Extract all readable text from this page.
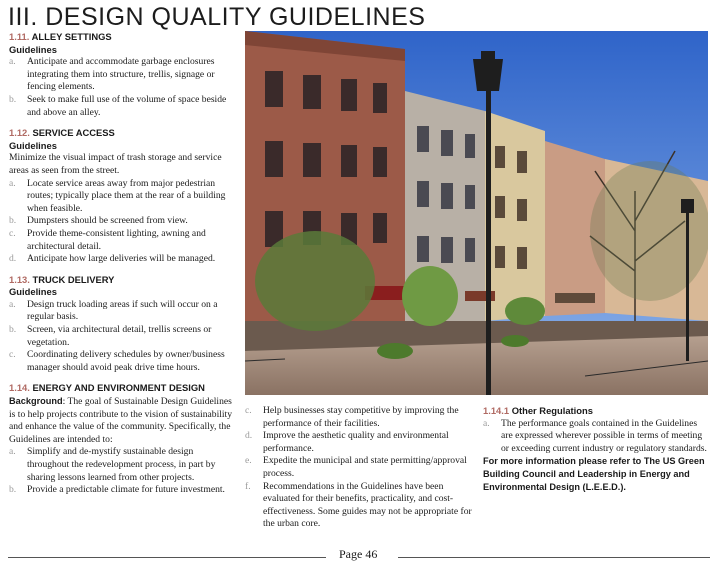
III. DESIGN QUALITY GUIDELINES
1.11. ALLEY SETTINGS
Guidelines
a. Anticipate and accommodate garbage enclosures integrating them into structure, trellis, signage or fencing elements.
b. Seek to make full use of the volume of space beside and above an alley.
1.12. SERVICE ACCESS
Guidelines

Minimize the visual impact of trash storage and service areas as seen from the street.

a. Locate service areas away from major pedestrian routes; typically place them at the rear of a building when feasible.
b. Dumpsters should be screened from view.
c. Provide theme-consistent lighting, awning and architectural detail.
d. Anticipate how large deliveries will be managed.
1.13. TRUCK DELIVERY
Guidelines
a. Design truck loading areas if such will occur on a regular basis.
b. Screen, via architectural detail, trellis screens or vegetation.
c. Coordinating delivery schedules by owner/business manager should avoid peak drive time hours.
1.14. ENERGY AND ENVIRONMENT DESIGN

Background: The goal of Sustainable Design Guidelines is to help projects contribute to the vision of sustainability and enhance the value of the community. Specifically, the Guidelines are intended to:

a. Simplify and de-mystify sustainable design throughout the redevelopment process, in part by sharing lessons learned from other projects.
b. Provide a predictable climate for future investment.
c. Help businesses stay competitive by improving the performance of their facilities.
d. Improve the aesthetic quality and environmental performance.
e. Expedite the municipal and state permitting/approval process.
f. Recommendations in the Guidelines have been evaluated for their benefits, practicality, and cost-effectiveness. Some guides may not be appropriate for the urban core.
1.14.1 Other Regulations
a. The performance goals contained in the Guidelines are expressed wherever possible in terms of meeting or exceeding current industry or regulatory standards.

For more information please refer to The US Green Building Council and Leadership in Energy and Environmental Design (L.E.E.D.).

Page 46
